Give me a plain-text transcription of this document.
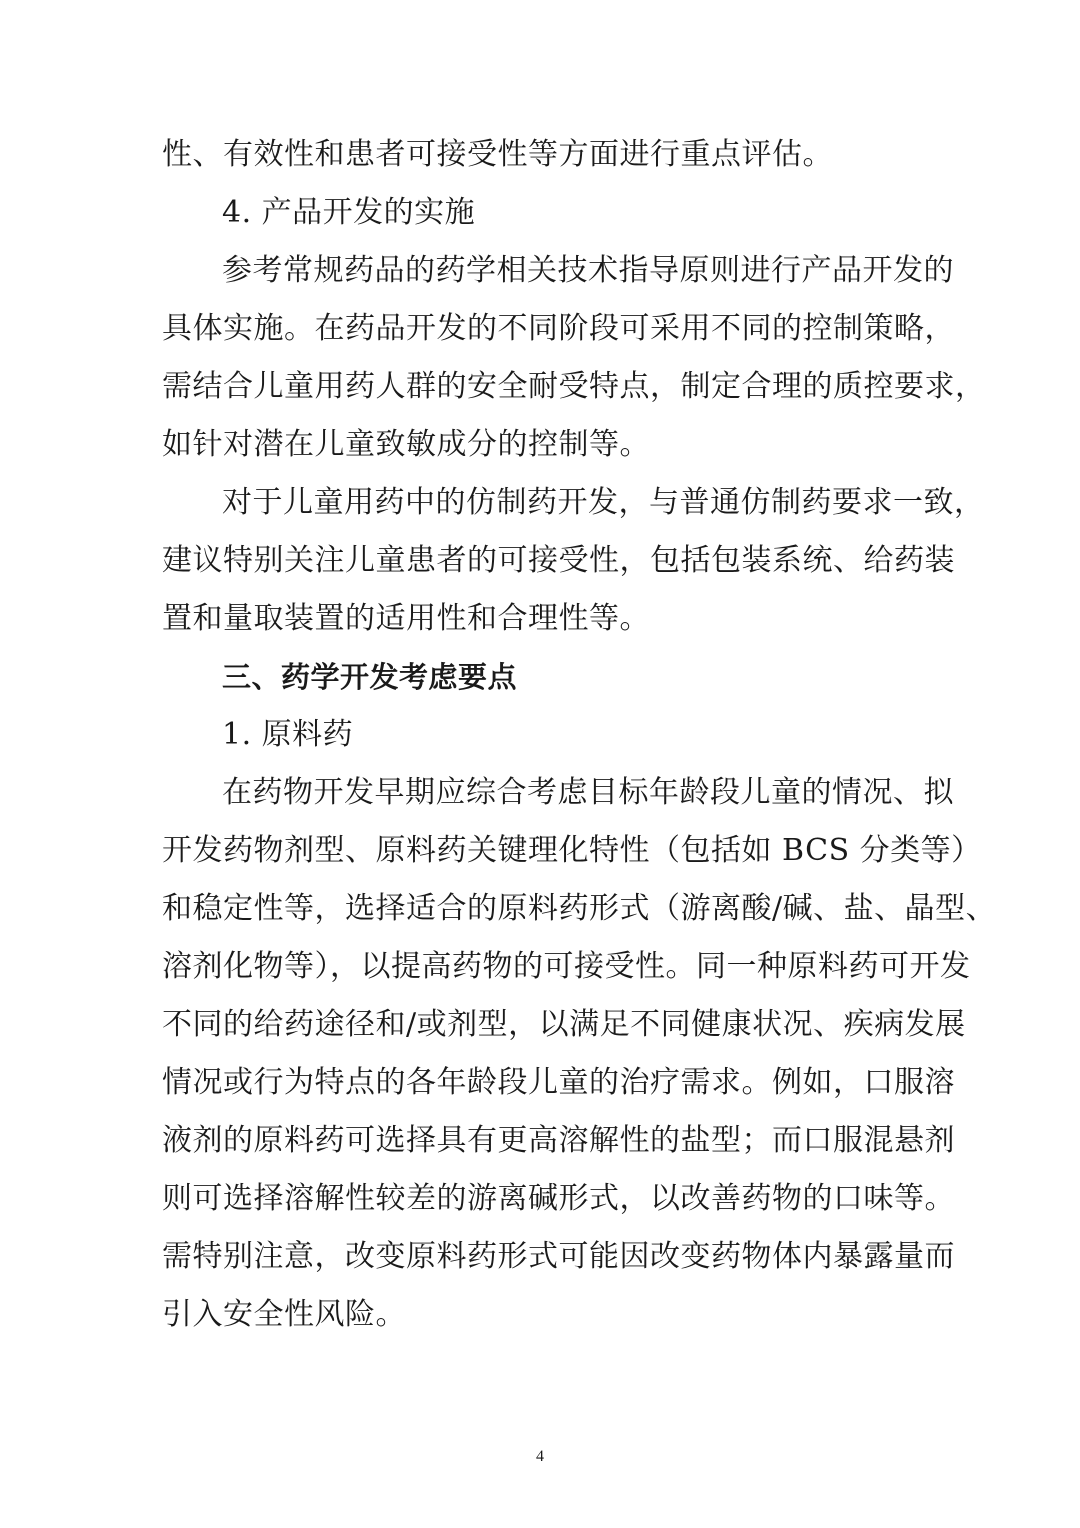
性、有效性和患者可接受性等方面进行重点评估。
4. 产品开发的实施
参考常规药品的药学相关技术指导原则进行产品开发的
具体实施。在药品开发的不同阶段可采用不同的控制策略，
需结合儿童用药人群的安全耐受特点，制定合理的质控要求，
如针对潜在儿童致敏成分的控制等。
对于儿童用药中的仿制药开发，与普通仿制药要求一致，
建议特别关注儿童患者的可接受性，包括包装系统、给药装
置和量取装置的适用性和合理性等。
三、药学开发考虑要点
1. 原料药
在药物开发早期应综合考虑目标年龄段儿童的情况、拟
开发药物剂型、原料药关键理化特性（包括如 BCS 分类等）
和稳定性等，选择适合的原料药形式（游离酸/碱、盐、晶型、
溶剂化物等），以提高药物的可接受性。同一种原料药可开发
不同的给药途径和/或剂型，以满足不同健康状况、疾病发展
情况或行为特点的各年龄段儿童的治疗需求。例如，口服溶
液剂的原料药可选择具有更高溶解性的盐型；而口服混悬剂
则可选择溶解性较差的游离碱形式，以改善药物的口味等。
需特别注意，改变原料药形式可能因改变药物体内暴露量而
引入安全性风险。
4
